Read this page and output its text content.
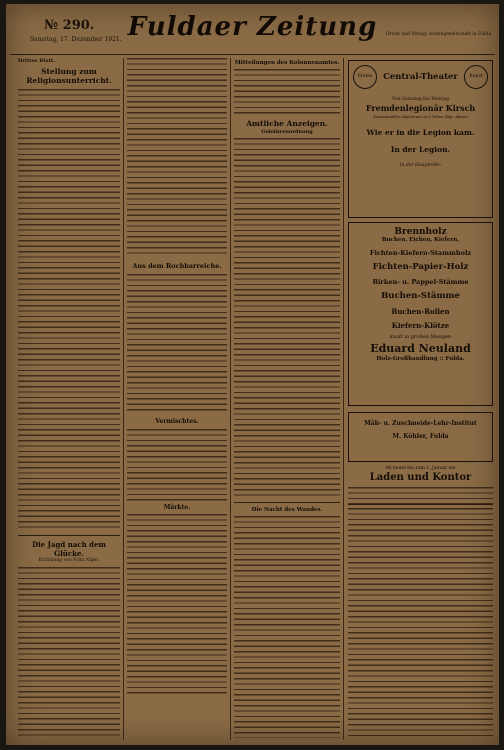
№ 290.
Samstag, 17. Dezember 1921. Fuldaer Zeitung	Druck und Verlag: Actiengesellschaft in Fulda
Drittes Blatt.
Stellung zum Religionsunterricht.
Die Jagd nach dem Glücke.
Erzählung von Fritz Nigel.
Aus dem Rochbarreiche.
Vermischtes.
Märkte.
Mitteilungen des Kolonnenamtes.
Amtliche Anzeigen.
Gebührenordnung
Die Nacht des Wandes.
Erstes	Kunst
Central-Theater
Von Samstag bis Montag
Fremdenlegionär Kirsch
Sensationelles Abenteuer in 5 Teilen (Bgt. Akten)
Wie er in die Legion kam.
In der Legion.
In der Hauptrolle:
Brennholz
Buchen, Eichen, Kiefern,
Fichten-Kiefern-Stammholz
Fichten-Papier-Holz
Birken- u. Pappel-Stämme
Buchen-Stämme
Buchen-Rollen
Kiefern-Klötze
kauft in großen Mengen
Eduard Neuland
Holz-Großhandlung :: Fulda.
Mäh- u. Zuschneide-Lehr-Institut
M. Köhler, Fulda
Ab heute bis zum 1. Januar ein
Laden und Kontor
